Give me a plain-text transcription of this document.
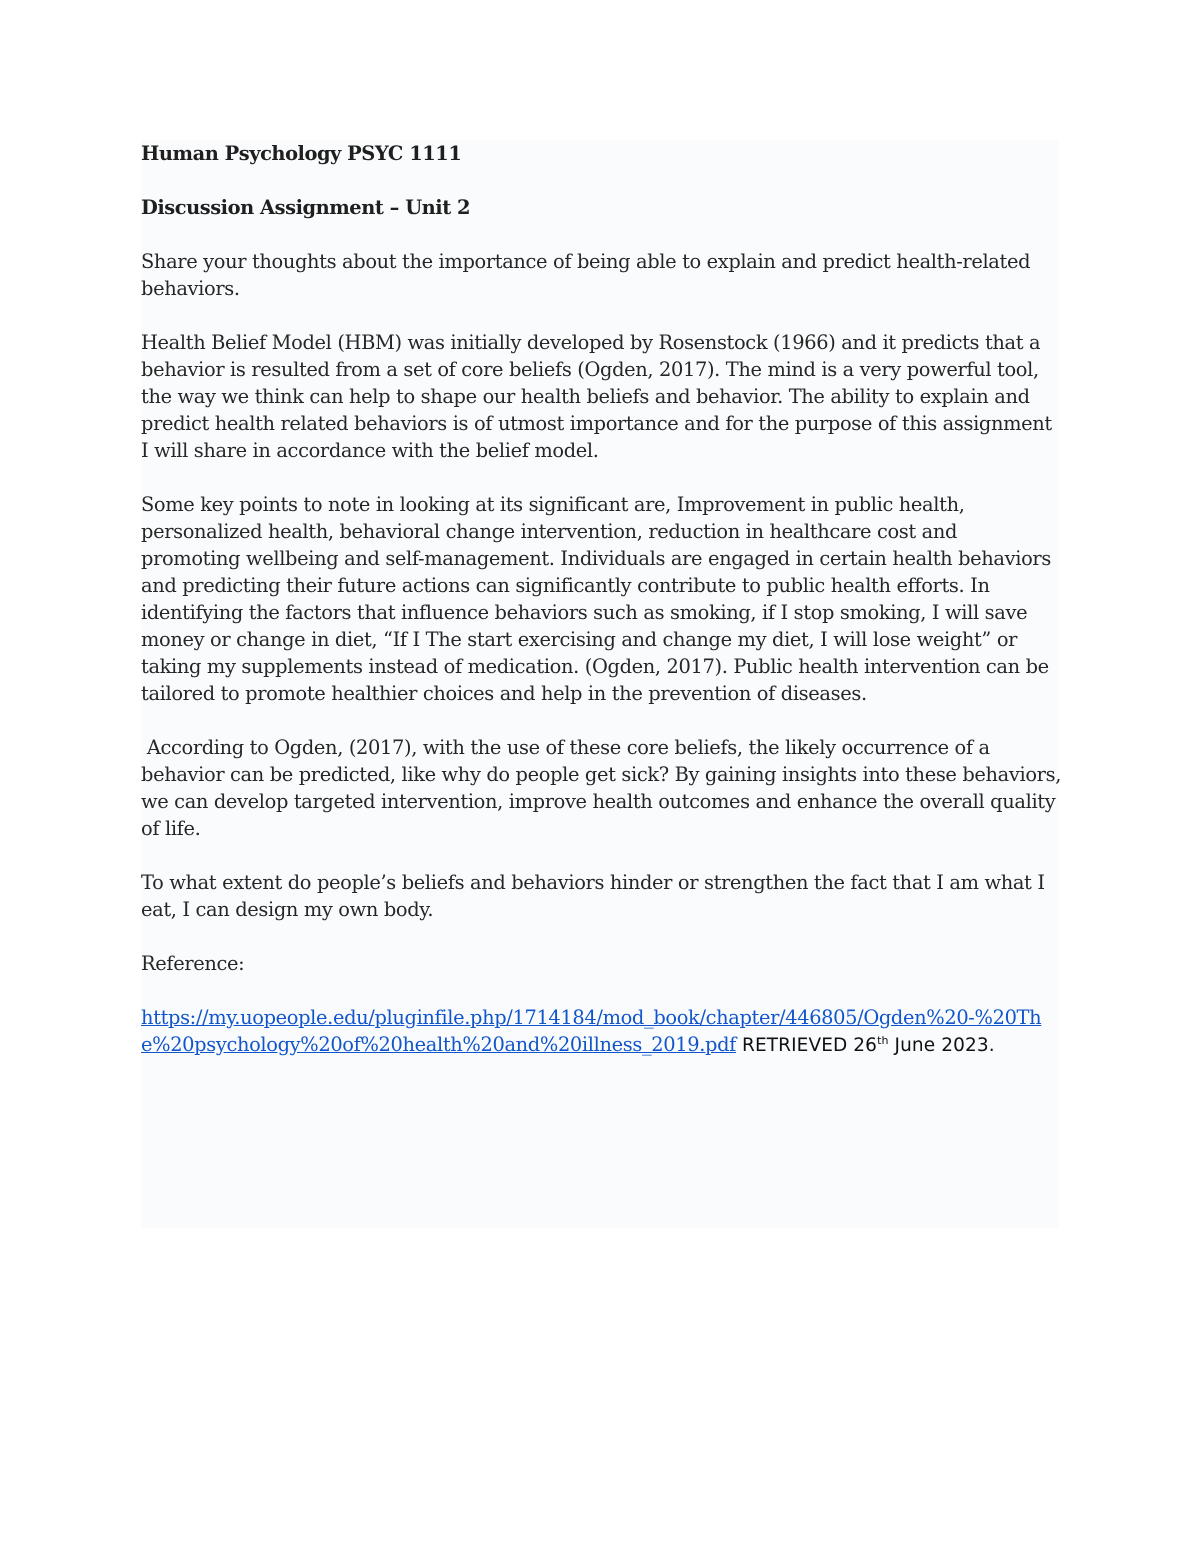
Human Psychology PSYC 1111

Discussion Assignment – Unit 2

Share your thoughts about the importance of being able to explain and predict health-related behaviors.

Health Belief Model (HBM) was initially developed by Rosenstock (1966) and it predicts that a behavior is resulted from a set of core beliefs (Ogden, 2017). The mind is a very powerful tool, the way we think can help to shape our health beliefs and behavior. The ability to explain and predict health related behaviors is of utmost importance and for the purpose of this assignment I will share in accordance with the belief model.

Some key points to note in looking at its significant are, Improvement in public health, personalized health, behavioral change intervention, reduction in healthcare cost and promoting wellbeing and self-management. Individuals are engaged in certain health behaviors and predicting their future actions can significantly contribute to public health efforts. In identifying the factors that influence behaviors such as smoking, if I stop smoking, I will save money or change in diet, “If I The start exercising and change my diet, I will lose weight” or taking my supplements instead of medication. (Ogden, 2017). Public health intervention can be tailored to promote healthier choices and help in the prevention of diseases.

According to Ogden, (2017), with the use of these core beliefs, the likely occurrence of a behavior can be predicted, like why do people get sick? By gaining insights into these behaviors, we can develop targeted intervention, improve health outcomes and enhance the overall quality of life.

To what extent do people’s beliefs and behaviors hinder or strengthen the fact that I am what I eat, I can design my own body.

Reference:

https://my.uopeople.edu/pluginfile.php/1714184/mod_book/chapter/446805/Ogden%20-%20The%20psychology%20of%20health%20and%20illness_2019.pdf RETRIEVED 26th June 2023.
